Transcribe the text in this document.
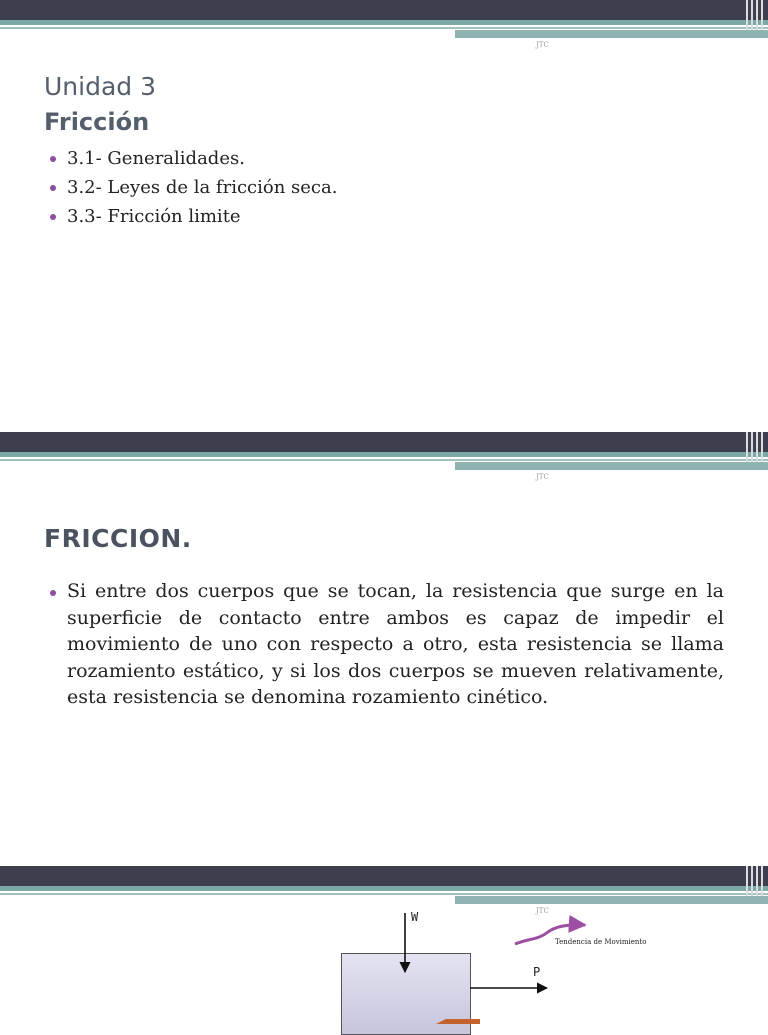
JTC
Unidad 3
Fricción
3.1- Generalidades.
3.2- Leyes de la fricción seca.
3.3- Fricción limite
JTC
FRICCION.

Si entre dos cuerpos que se tocan, la resistencia que surge en la superficie de contacto entre ambos es capaz de impedir el movimiento de uno con respecto a otro, esta resistencia se llama rozamiento estático, y si los dos cuerpos se mueven relativamente, esta resistencia se denomina rozamiento cinético.

JTC
W
P
Tendencia de Movimiento
